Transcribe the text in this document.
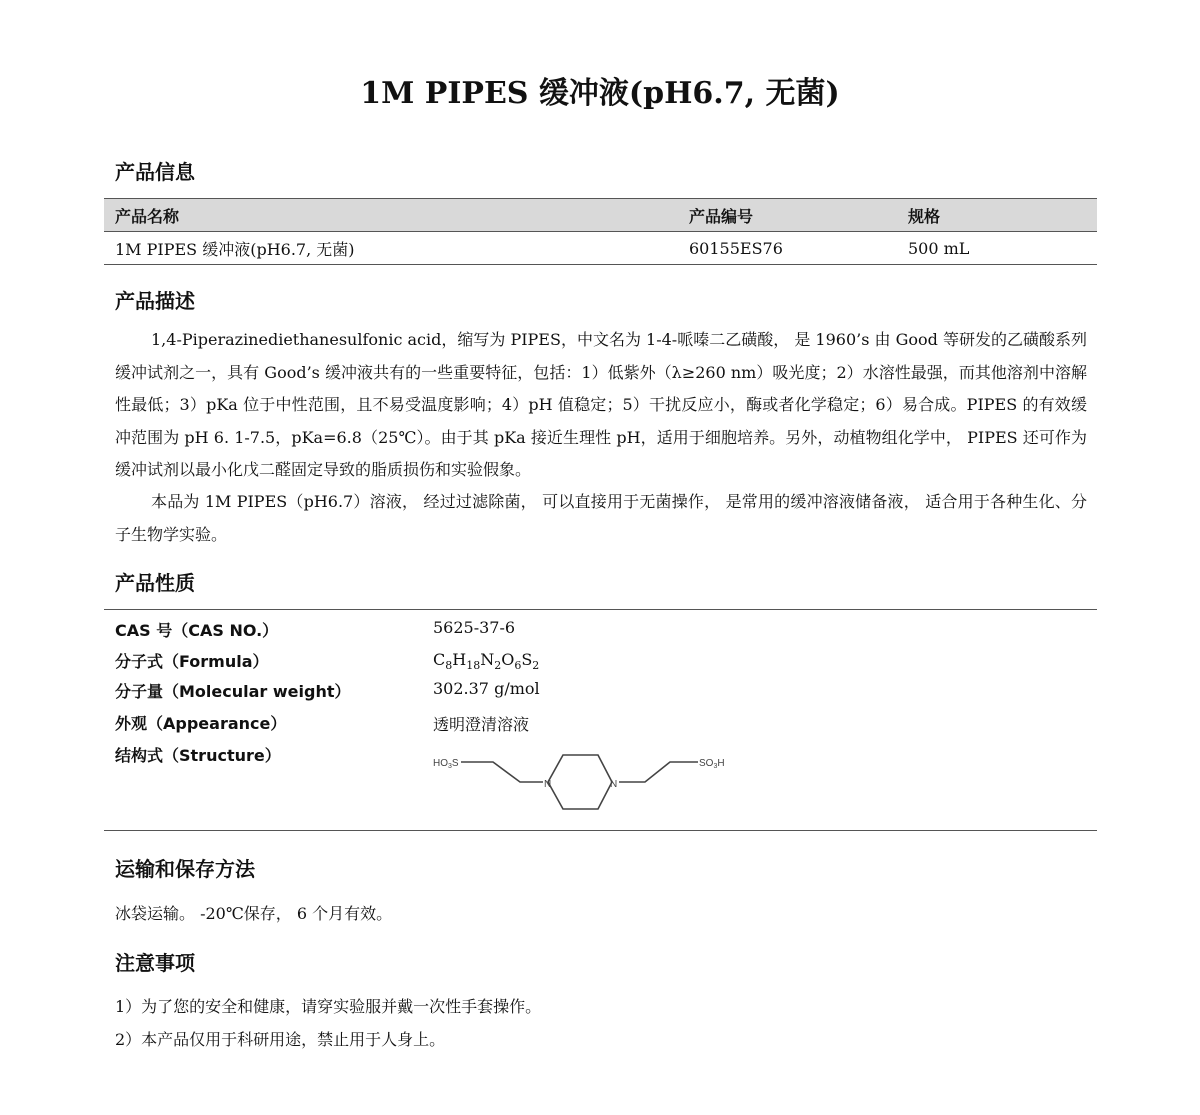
1M PIPES 缓冲液(pH6.7, 无菌)
产品信息
产品名称	产品编号	规格
1M PIPES 缓冲液(pH6.7, 无菌)	60155ES76	500 mL
产品描述

1,4-Piperazinediethanesulfonic acid，缩写为 PIPES，中文名为 1-4-哌嗪二乙磺酸， 是 1960’s 由 Good 等研发的乙磺酸系列缓冲试剂之一，具有 Good’s 缓冲液共有的一些重要特征，包括：1）低紫外（λ≥260 nm）吸光度；2）水溶性最强，而其他溶剂中溶解性最低；3）pKa 位于中性范围，且不易受温度影响；4）pH 值稳定；5）干扰反应小，酶或者化学稳定；6）易合成。PIPES 的有效缓冲范围为 pH 6. 1-7.5，pKa=6.8（25℃）。由于其 pKa 接近生理性 pH，适用于细胞培养。另外，动植物组化学中， PIPES 还可作为缓冲试剂以最小化戊二醛固定导致的脂质损伤和实验假象。

本品为 1M PIPES（pH6.7）溶液， 经过过滤除菌， 可以直接用于无菌操作， 是常用的缓冲溶液储备液， 适合用于各种生化、分子生物学实验。

产品性质
CAS 号（CAS NO.）	5625-37-6
分子式（Formula）	$C_8H_{18}N_2O_6S_2$
分子量（Molecular weight）	302.37 g/mol
外观（Appearance）	透明澄清溶液
结构式（Structure）	$HO_3S$
N	N
$SO_3H$
运输和保存方法
冰袋运输。 -20℃保存， 6 个月有效。
注意事项
1）为了您的安全和健康，请穿实验服并戴一次性手套操作。
2）本产品仅用于科研用途，禁止用于人身上。
